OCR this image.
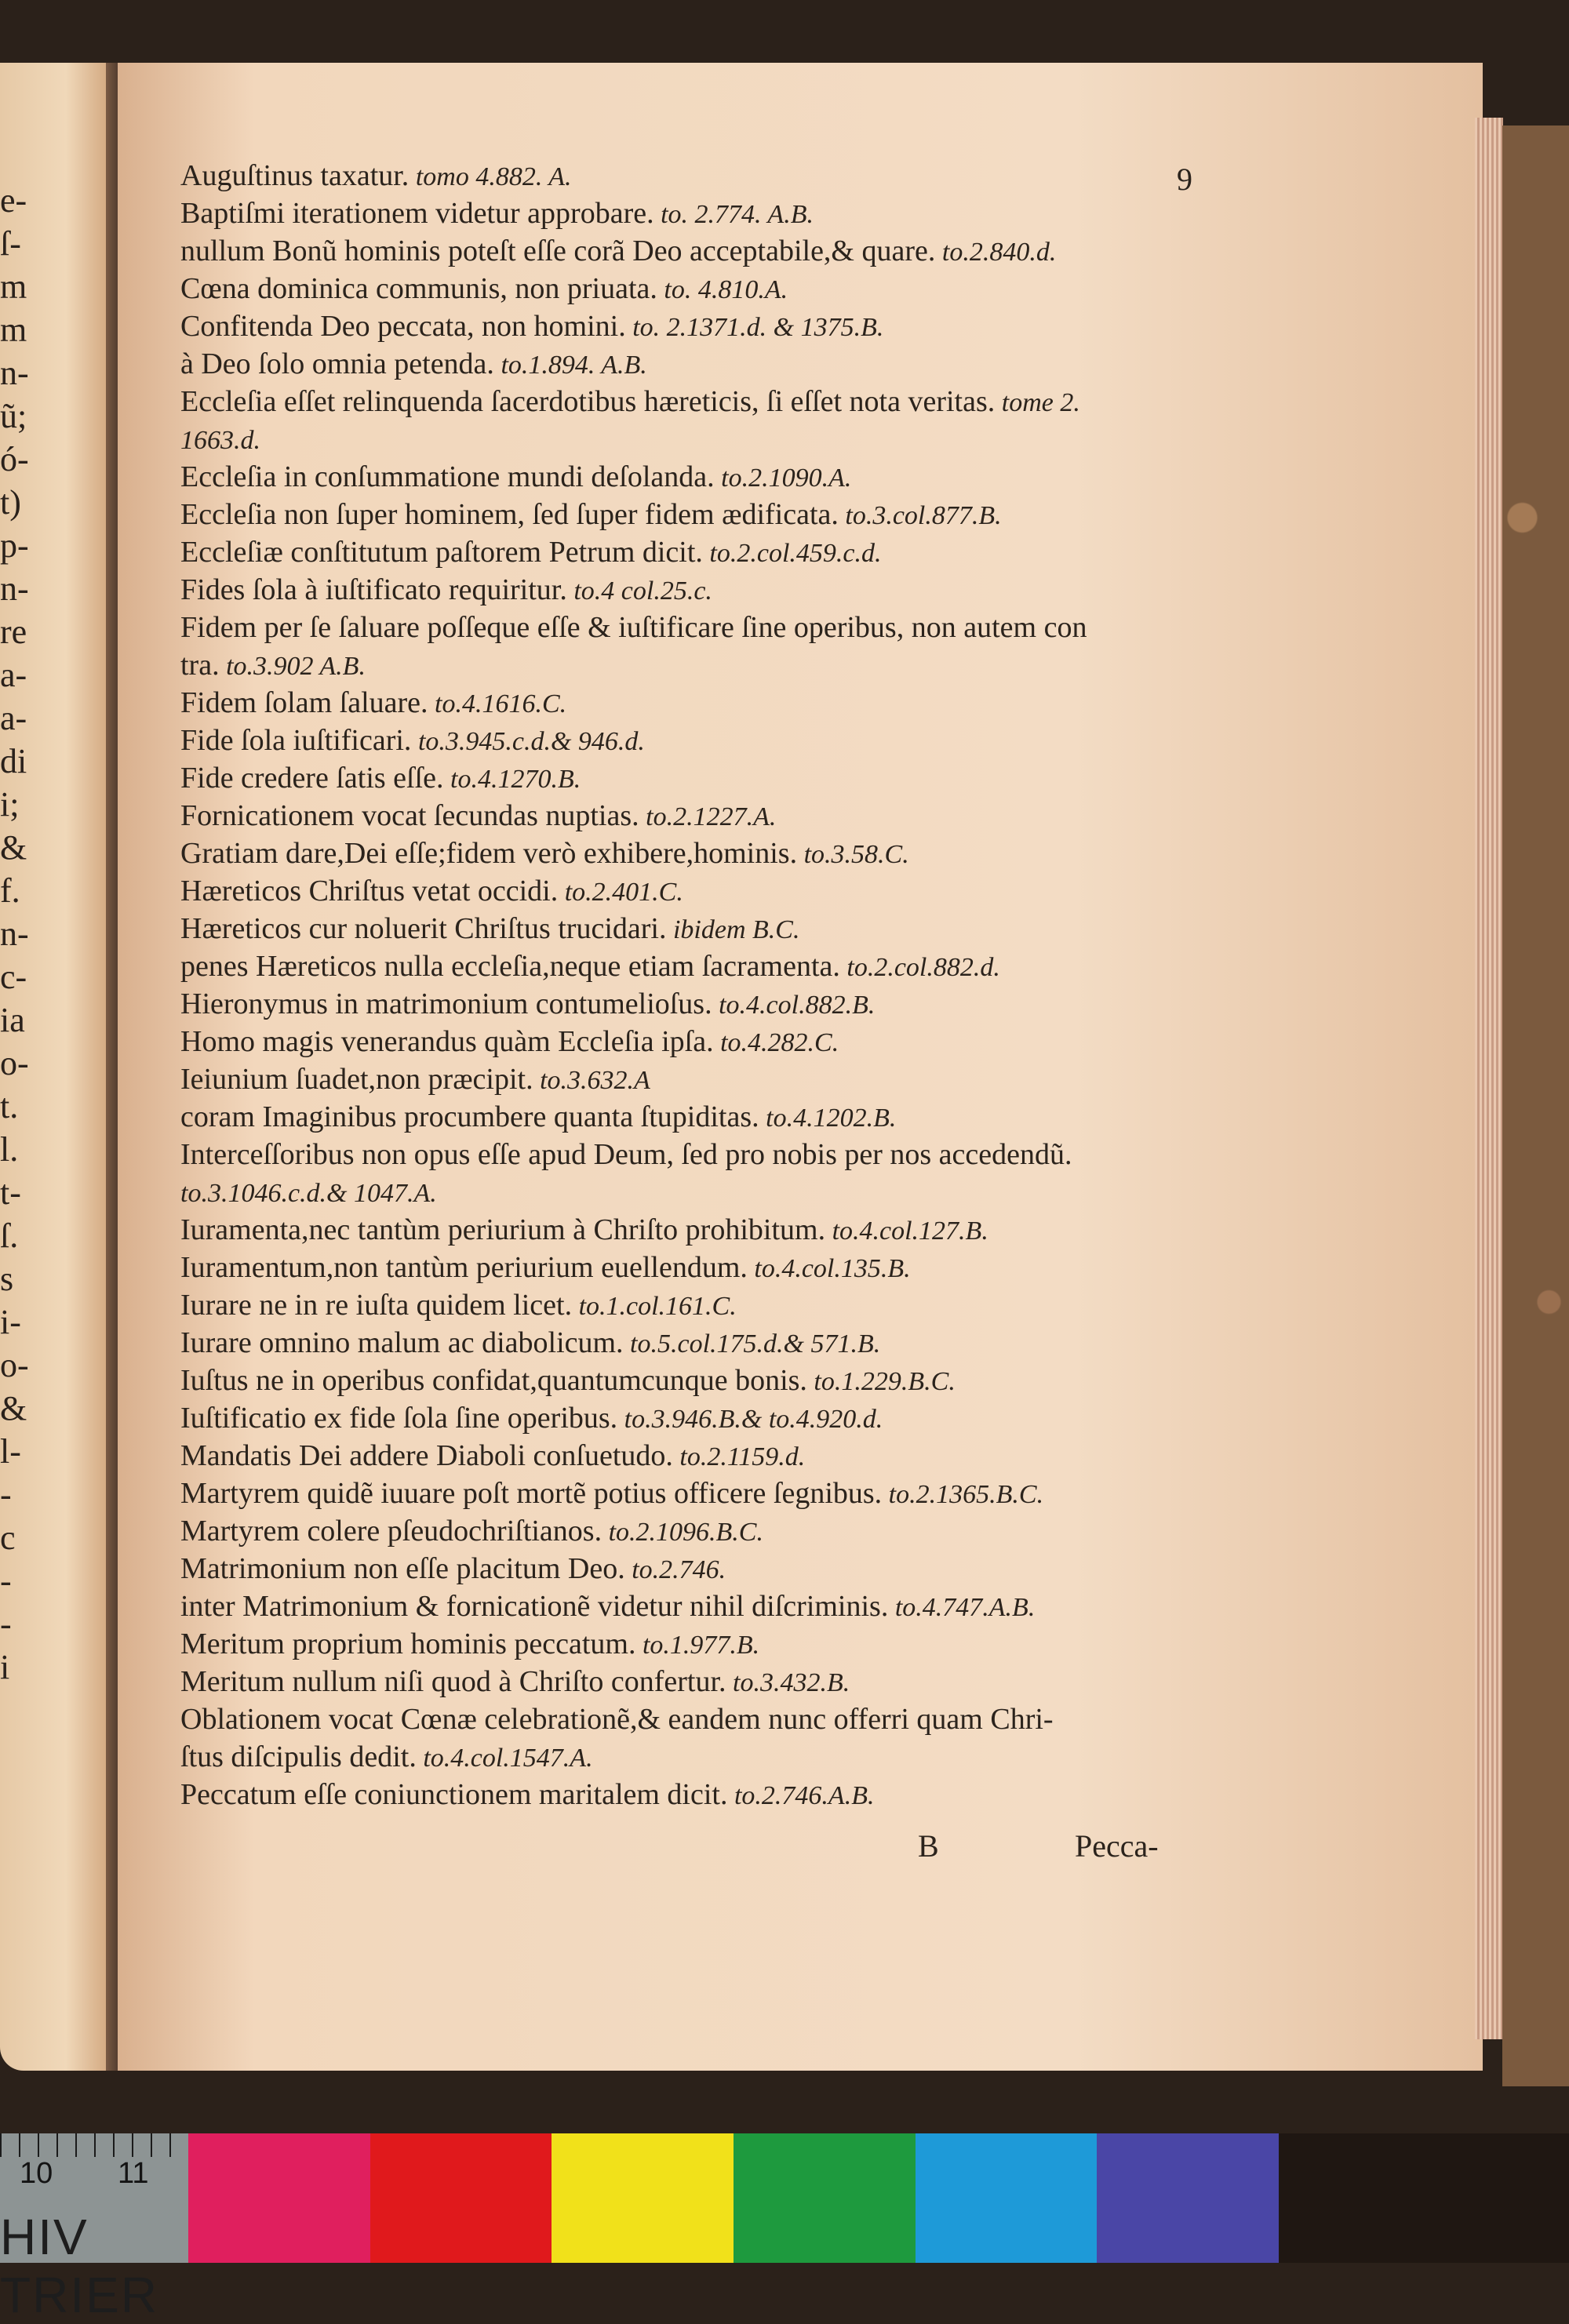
e-
ſ-
m
m
n-
ũ;
ó-
t)
p-
n-
re
a-
a-
di
i;
&
f.
n-
c-
ia
o-
t.
l.
t-
ſ.
s
i-
o-
&
l-
-
c
-
-
i
9
Auguſtinus taxatur. tomo 4.882. A.
Baptiſmi iterationem videtur approbare. to. 2.774. A.B.
nullum Bonũ hominis poteſt eſſe corã Deo acceptabile,& quare. to.2.840.d.
Cœna dominica communis, non priuata. to. 4.810.A.
Confitenda Deo peccata, non homini. to. 2.1371.d. & 1375.B.
à Deo ſolo omnia petenda. to.1.894. A.B.
Eccleſia eſſet relinquenda ſacerdotibus hæreticis, ſi eſſet nota veritas. tome 2.
1663.d.
Eccleſia in conſummatione mundi deſolanda. to.2.1090.A.
Eccleſia non ſuper hominem, ſed ſuper fidem ædificata. to.3.col.877.B.
Eccleſiæ conſtitutum paſtorem Petrum dicit. to.2.col.459.c.d.
Fides ſola à iuſtificato requiritur. to.4 col.25.c.
Fidem per ſe ſaluare poſſeque eſſe & iuſtificare ſine operibus, non autem con
tra. to.3.902 A.B.
Fidem ſolam ſaluare. to.4.1616.C.
Fide ſola iuſtificari. to.3.945.c.d.& 946.d.
Fide credere ſatis eſſe. to.4.1270.B.
Fornicationem vocat ſecundas nuptias. to.2.1227.A.
Gratiam dare,Dei eſſe;fidem verò exhibere,hominis. to.3.58.C.
Hæreticos Chriſtus vetat occidi. to.2.401.C.
Hæreticos cur noluerit Chriſtus trucidari. ibidem B.C.
penes Hæreticos nulla eccleſia,neque etiam ſacramenta. to.2.col.882.d.
Hieronymus in matrimonium contumelioſus. to.4.col.882.B.
Homo magis venerandus quàm Eccleſia ipſa. to.4.282.C.
Ieiunium ſuadet,non præcipit. to.3.632.A
coram Imaginibus procumbere quanta ſtupiditas. to.4.1202.B.
Interceſſoribus non opus eſſe apud Deum, ſed pro nobis per nos accedendũ.
to.3.1046.c.d.& 1047.A.
Iuramenta,nec tantùm periurium à Chriſto prohibitum. to.4.col.127.B.
Iuramentum,non tantùm periurium euellendum. to.4.col.135.B.
Iurare ne in re iuſta quidem licet. to.1.col.161.C.
Iurare omnino malum ac diabolicum. to.5.col.175.d.& 571.B.
Iuſtus ne in operibus confidat,quantumcunque bonis. to.1.229.B.C.
Iuſtificatio ex fide ſola ſine operibus. to.3.946.B.& to.4.920.d.
Mandatis Dei addere Diaboli conſuetudo. to.2.1159.d.
Martyrem quidẽ iuuare poſt mortẽ potius officere ſegnibus. to.2.1365.B.C.
Martyrem colere pſeudochriſtianos. to.2.1096.B.C.
Matrimonium non eſſe placitum Deo. to.2.746.
inter Matrimonium & fornicationẽ videtur nihil diſcriminis. to.4.747.A.B.
Meritum proprium hominis peccatum. to.1.977.B.
Meritum nullum niſi quod à Chriſto confertur. to.3.432.B.
Oblationem vocat Cœnæ celebrationẽ,& eandem nunc offerri quam Chri-
ſtus diſcipulis dedit. to.4.col.1547.A.
Peccatum eſſe coniunctionem maritalem dicit. to.2.746.A.B.
B	Pecca-
10 11
HIV TRIER
